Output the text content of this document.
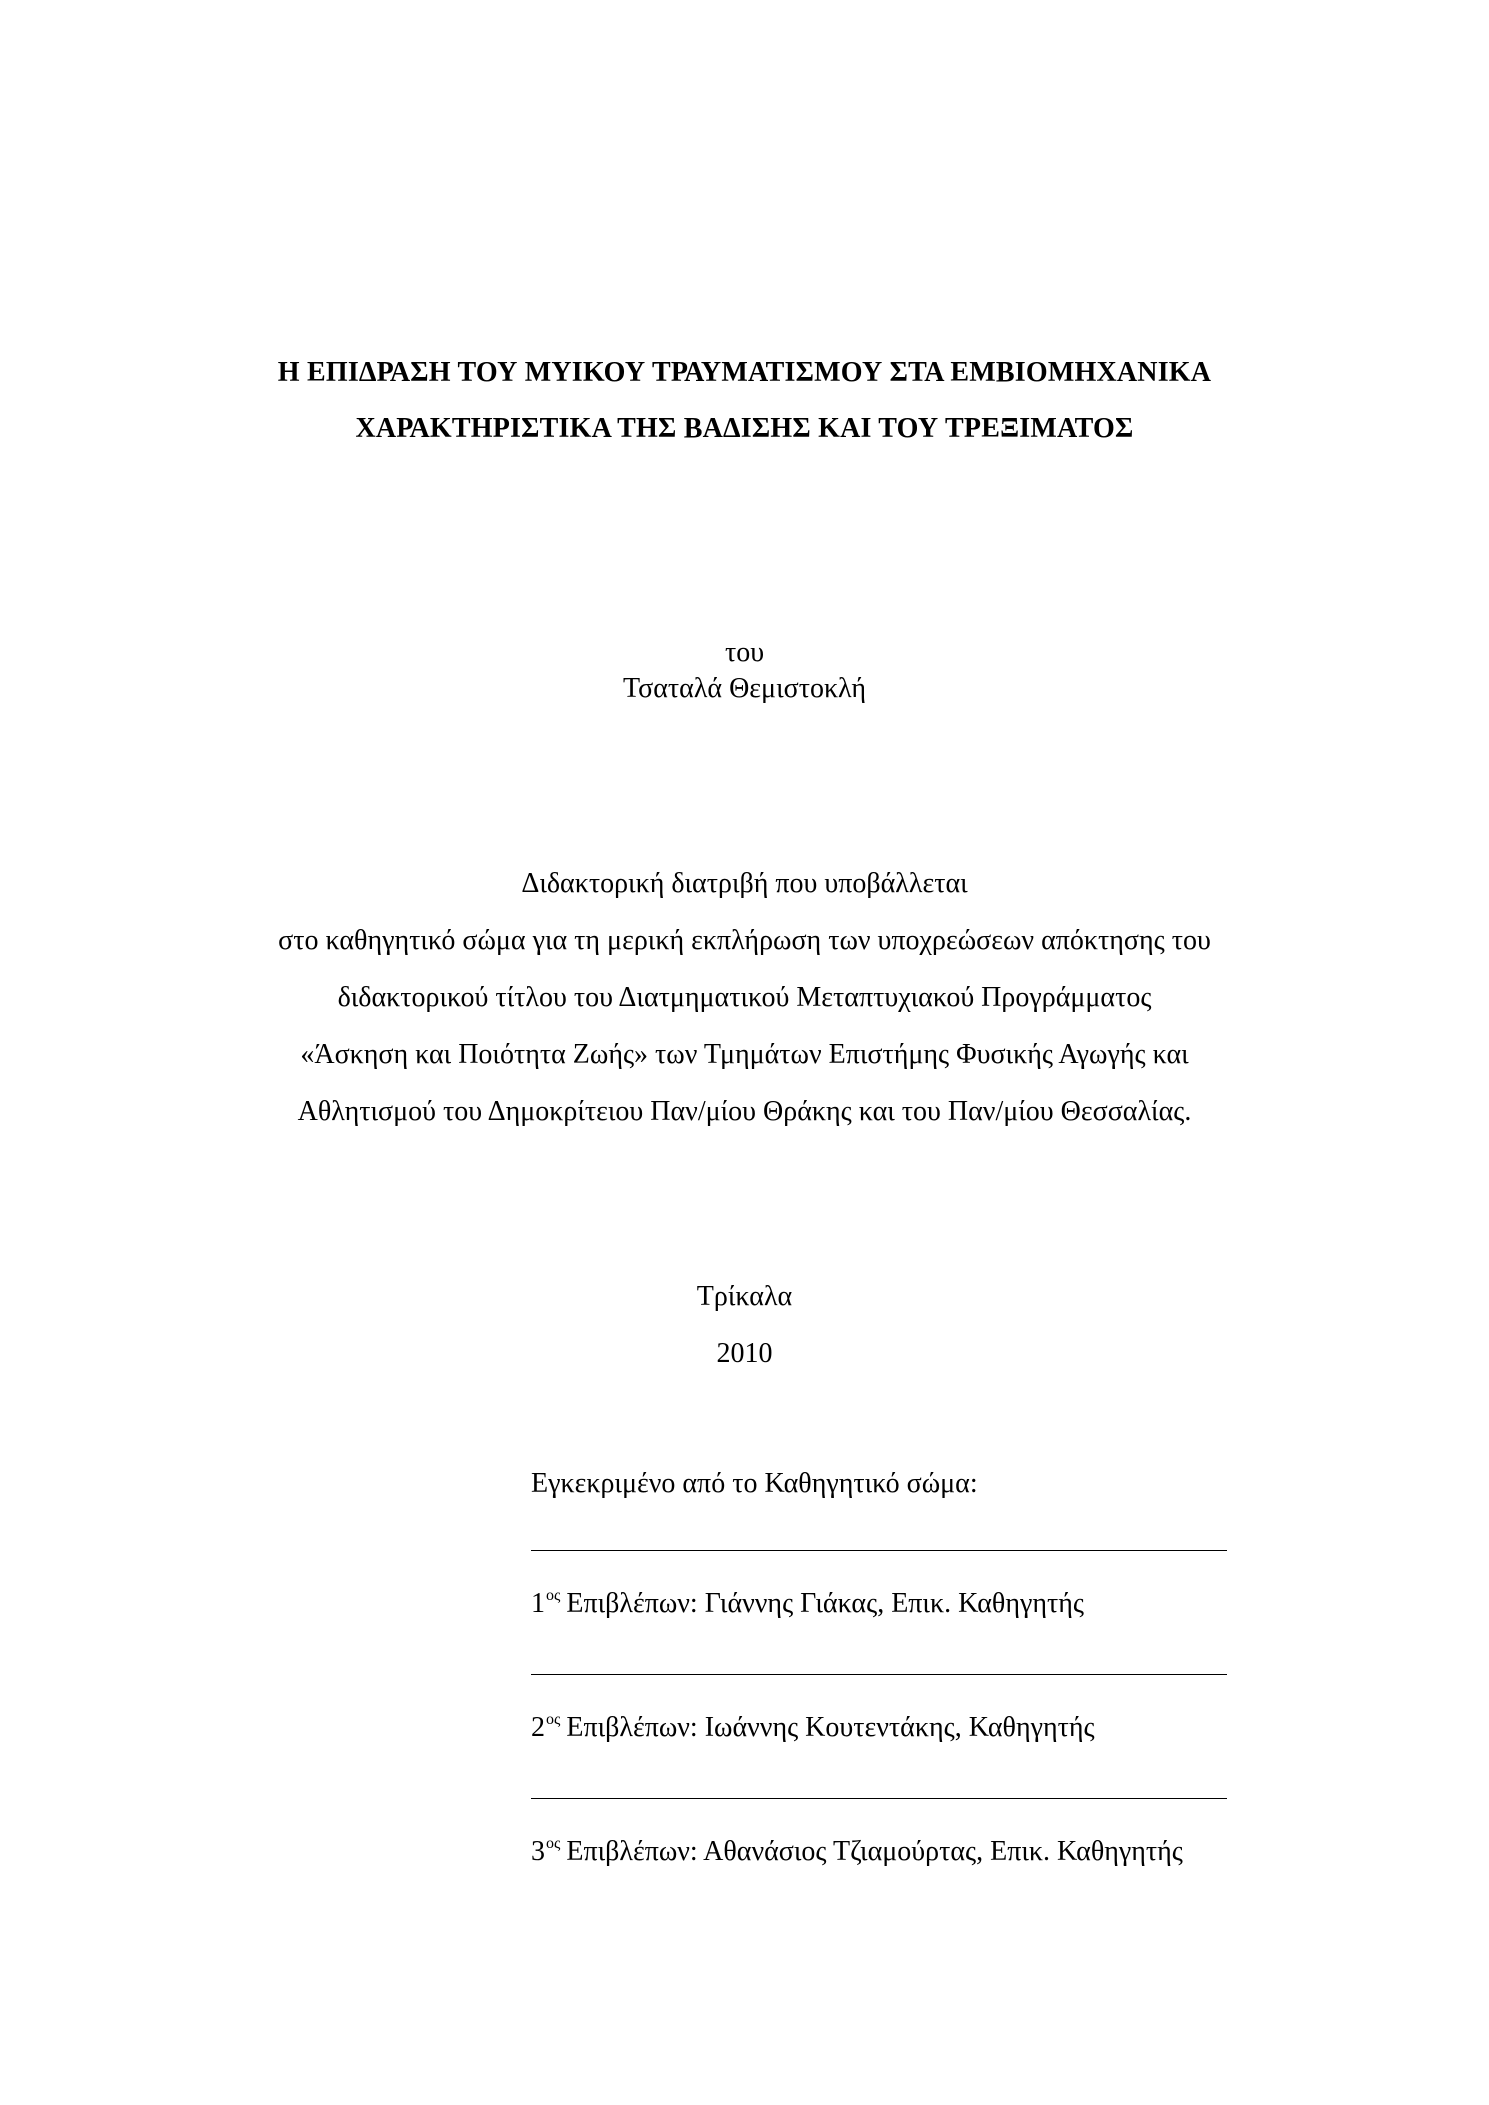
Η ΕΠΙΔΡΑΣΗ ΤΟΥ ΜΥΙΚΟΥ ΤΡΑΥΜΑΤΙΣΜΟΥ ΣΤΑ ΕΜΒΙΟΜΗΧΑΝΙΚΑ
ΧΑΡΑΚΤΗΡΙΣΤΙΚΑ ΤΗΣ ΒΑΔΙΣΗΣ ΚΑΙ ΤΟΥ ΤΡΕΞΙΜΑΤΟΣ
του
Τσαταλά Θεμιστοκλή
Διδακτορική διατριβή που υποβάλλεται
στο καθηγητικό σώμα για τη μερική εκπλήρωση των υποχρεώσεων απόκτησης του
διδακτορικού τίτλου του Διατμηματικού Μεταπτυχιακού Προγράμματος
«Άσκηση και Ποιότητα Ζωής» των Τμημάτων Επιστήμης Φυσικής Αγωγής και
Αθλητισμού του Δημοκρίτειου Παν/μίου Θράκης και του Παν/μίου Θεσσαλίας.
Τρίκαλα
2010
Εγκεκριμένο από το Καθηγητικό σώμα:
$1^{o\varsigma}$ Επιβλέπων: Γιάννης Γιάκας, Επικ. Καθηγητής
$2^{o\varsigma}$ Επιβλέπων: Ιωάννης Κουτεντάκης, Καθηγητής
$3^{o\varsigma}$ Επιβλέπων: Αθανάσιος Τζιαμούρτας, Επικ. Καθηγητής
